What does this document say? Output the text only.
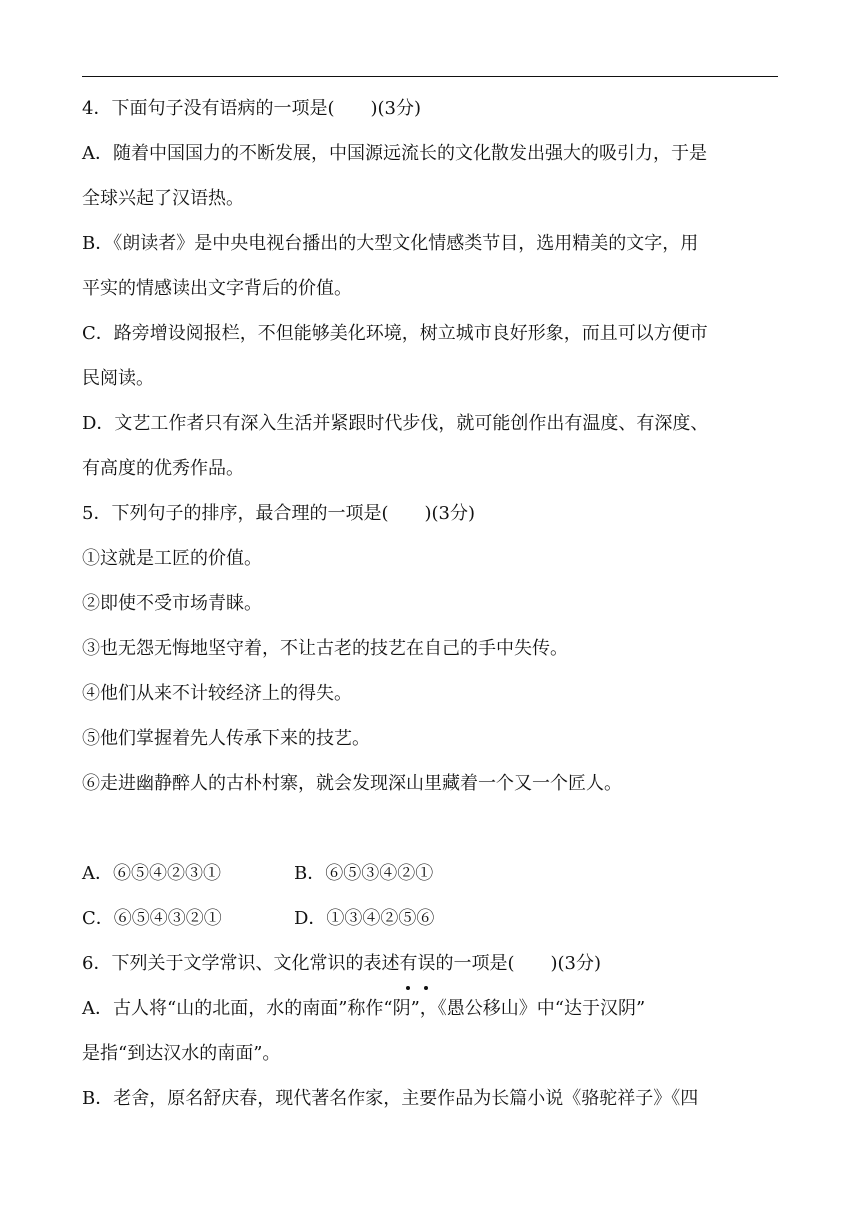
4．下面句子没有语病的一项是(　　)(3分)
A．随着中国国力的不断发展，中国源远流长的文化散发出强大的吸引力，于是
全球兴起了汉语热。
B．《朗读者》是中央电视台播出的大型文化情感类节目，选用精美的文字，用
平实的情感读出文字背后的价值。
C．路旁增设阅报栏，不但能够美化环境，树立城市良好形象，而且可以方便市
民阅读。
D．文艺工作者只有深入生活并紧跟时代步伐，就可能创作出有温度、有深度、
有高度的优秀作品。
5．下列句子的排序，最合理的一项是(　　)(3分)
①这就是工匠的价值。
②即使不受市场青睐。
③也无怨无悔地坚守着，不让古老的技艺在自己的手中失传。
④他们从来不计较经济上的得失。
⑤他们掌握着先人传承下来的技艺。
⑥走进幽静醉人的古朴村寨，就会发现深山里藏着一个又一个匠人。
A．⑥⑤④②③①	B．⑥⑤③④②①
C．⑥⑤④③②①	D．①③④②⑤⑥
6．下列关于文学常识、文化常识的表述有误的一项是(　　)(3分)
A．古人将“山的北面，水的南面”称作“阴”，《愚公移山》中“达于汉阴”
是指“到达汉水的南面”。
B．老舍，原名舒庆春，现代著名作家，主要作品为长篇小说《骆驼祥子》《四
